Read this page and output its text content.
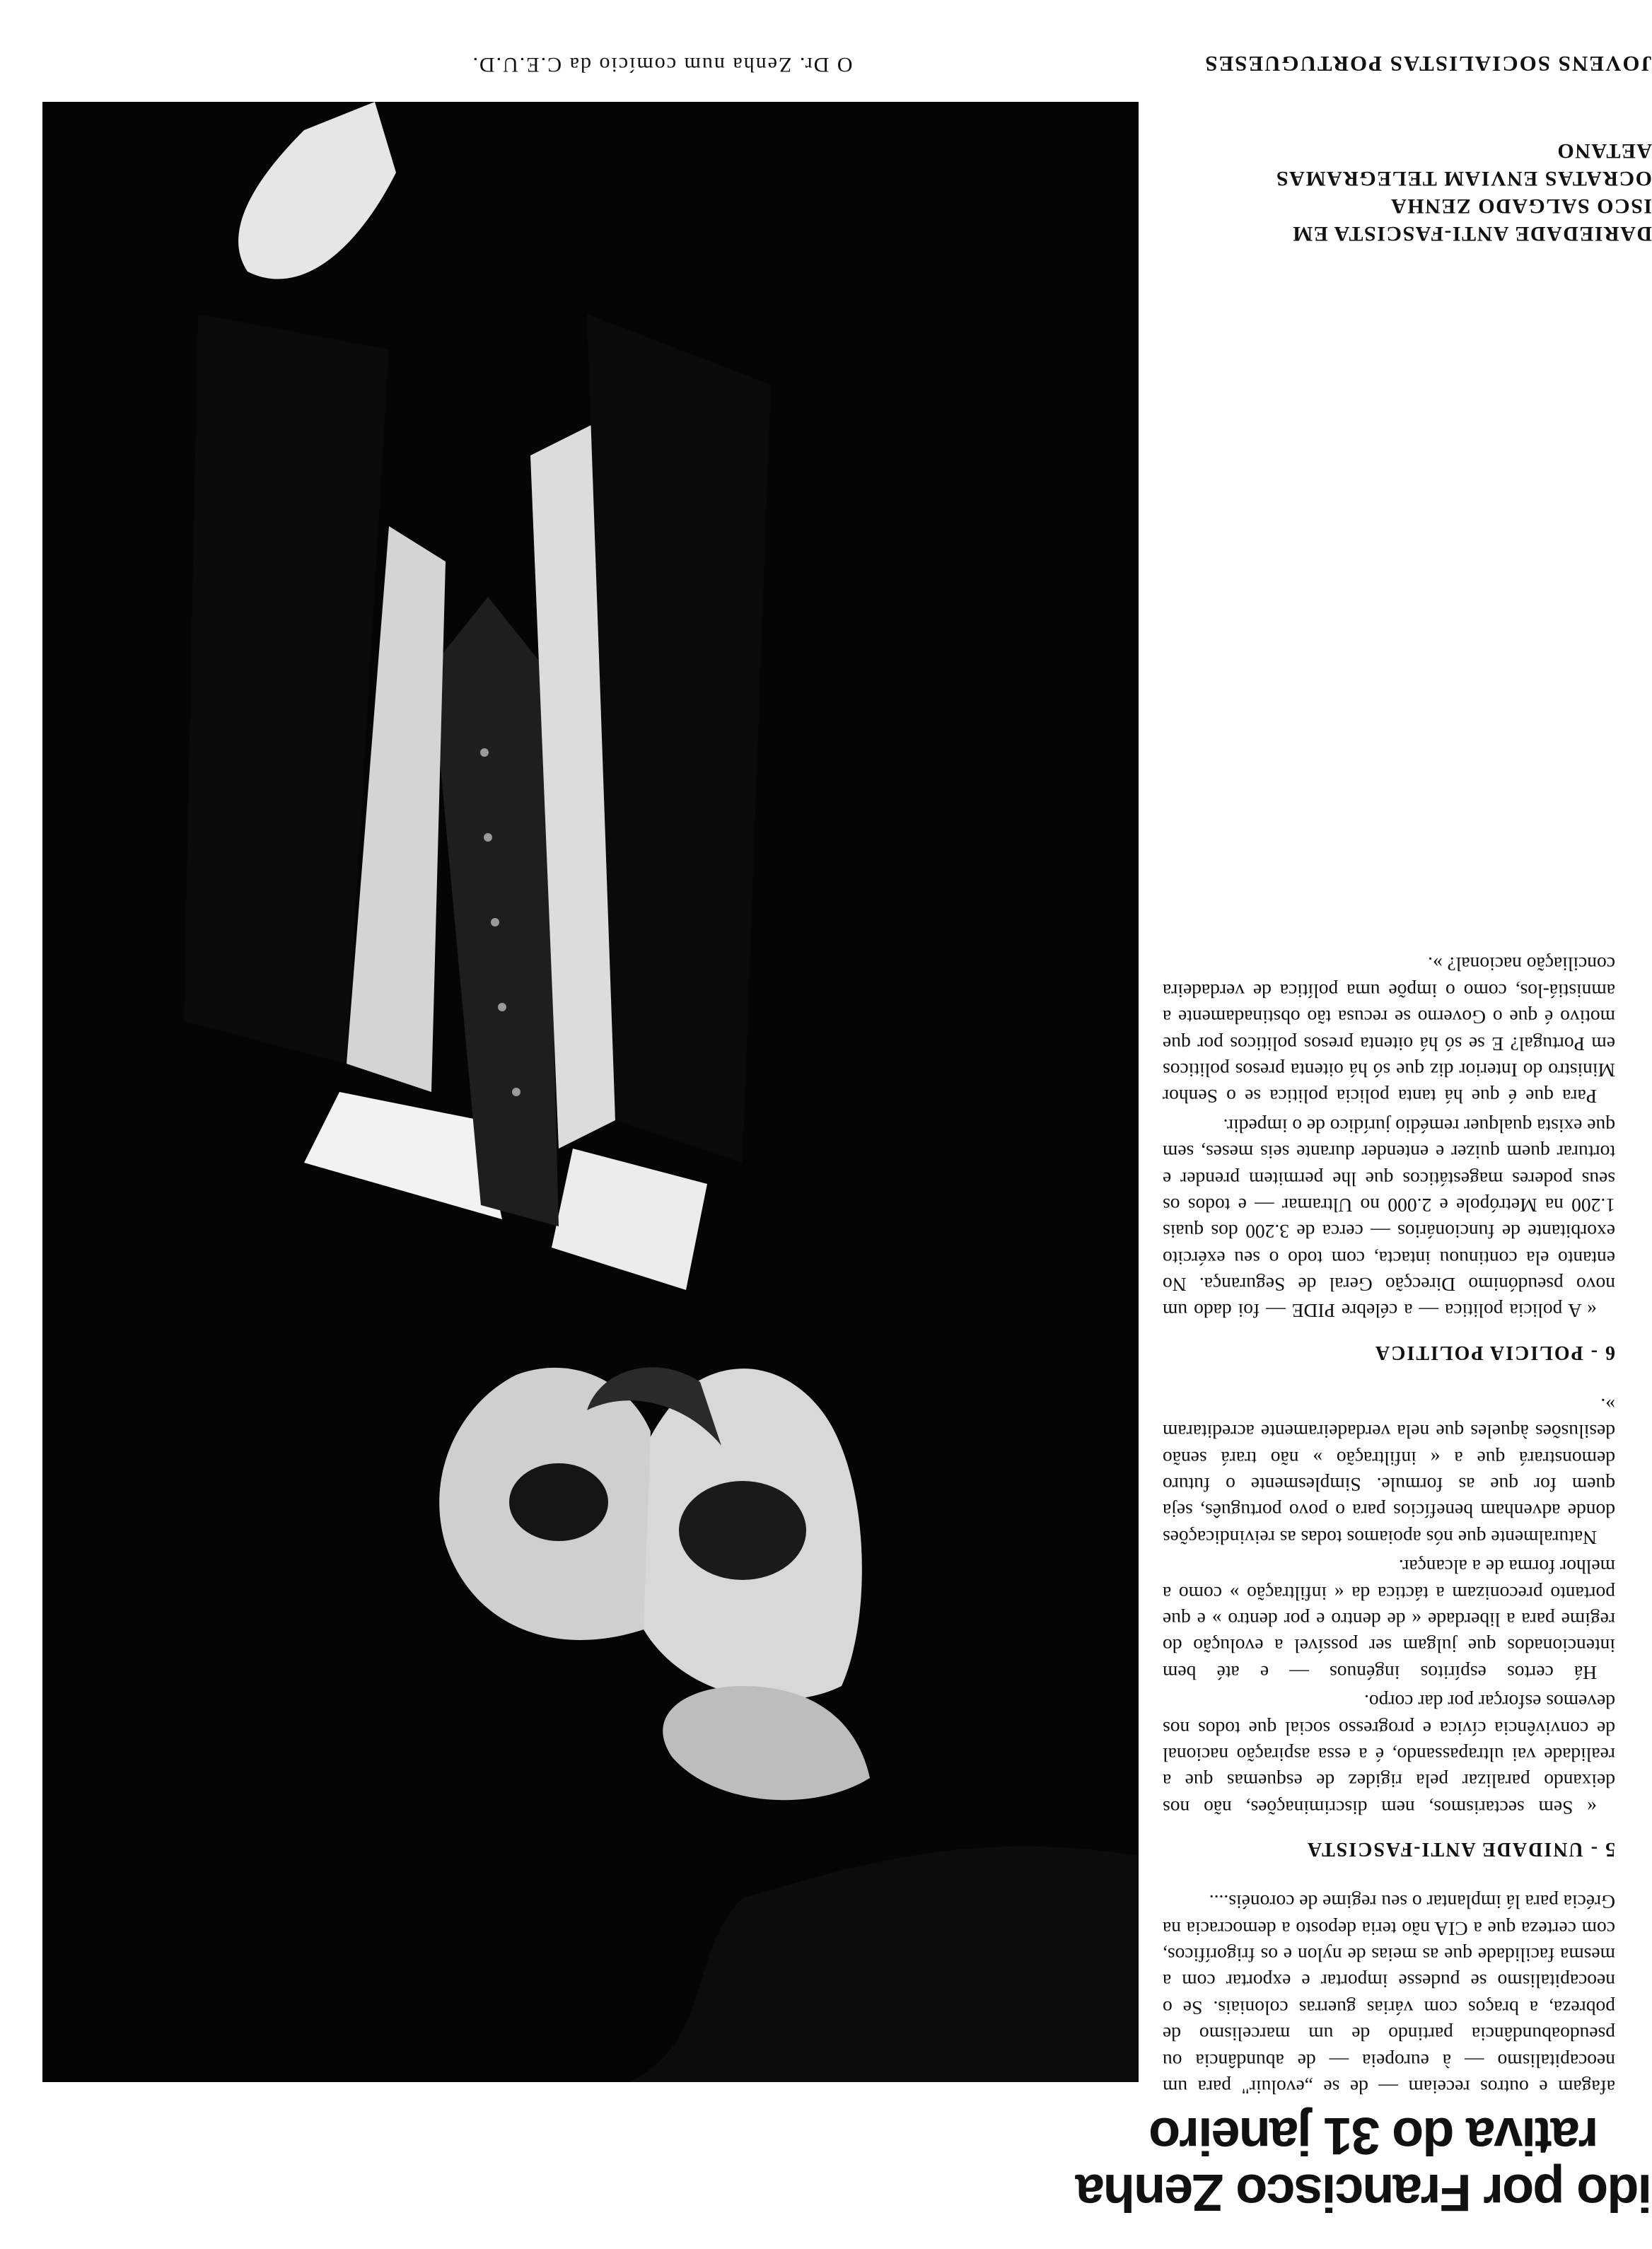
ido por Francisco Zenha
rativa do 31 janeiro

afagam e outros receiam — de se „evoluir" para um neocapitalismo — à europeia — de abundância ou pseudoabundância partindo de um marcelismo de pobreza, a braços com várias guerras coloniais. Se o neocapitalismo se pudesse importar e exportar com a mesma facilidade que as meias de nylon e os frigoríficos, com certeza que a CIA não teria deposto a democracia na Grécia para lá implantar o seu regime de coronéis....

5 - UNIDADE ANTI-FASCISTA

« Sem sectarismos, nem discriminações, não nos deixando paralizar pela rigidez de esquemas que a realidade vai ultrapassando, é a essa aspiração nacional de convivência cívica e progresso social que todos nos devemos esforçar por dar corpo.

Há certos espíritos ingénuos — e até bem intencionados que julgam ser possível a evolução do regime para a liberdade « de dentro e por dentro » e que portanto preconizam a táctica da « infiltração » como a melhor forma de a alcançar.

Naturalmente que nós apoiamos todas as reivindicações donde advenham benefícios para o povo português, seja quem for que as formule. Simplesmente o futuro demonstrará que a « infiltração » não trará senão desilusões àqueles que nela verdadeiramente acreditaram ».

6 - POLICIA POLITICA

« A policia politica — a célebre PIDE — foi dado um novo pseudónimo Direcção Geral de Segurança. No entanto ela continuou intacta, com todo o seu exército exorbitante de funcionários — cerca de 3.200 dos quais 1.200 na Metrópole e 2.000 no Ultramar — e todos os seus poderes magestáticos que lhe permitem prender e torturar quem quizer e entender durante seis meses, sem que exista qualquer remédio jurídico de o impedir.

Para que é que há tanta policia politica se o Senhor Ministro do Interior diz que só há oitenta presos politicos em Portugal? E se só há oitenta presos politicos por que motivo é que o Governo se recusa tão obstinadamente a amnistiá-los, como o impõe uma política de verdadeira conciliação nacional? ».

DARIEDADE ANTI-FASCISTA EM
ISCO SALGADO ZENHA
OCRATAS ENVIAM TELEGRAMAS
AETANO
JOVENS SOCIALISTAS PORTUGUESES
O Dr. Zenha num comício da C.E.U.D.
